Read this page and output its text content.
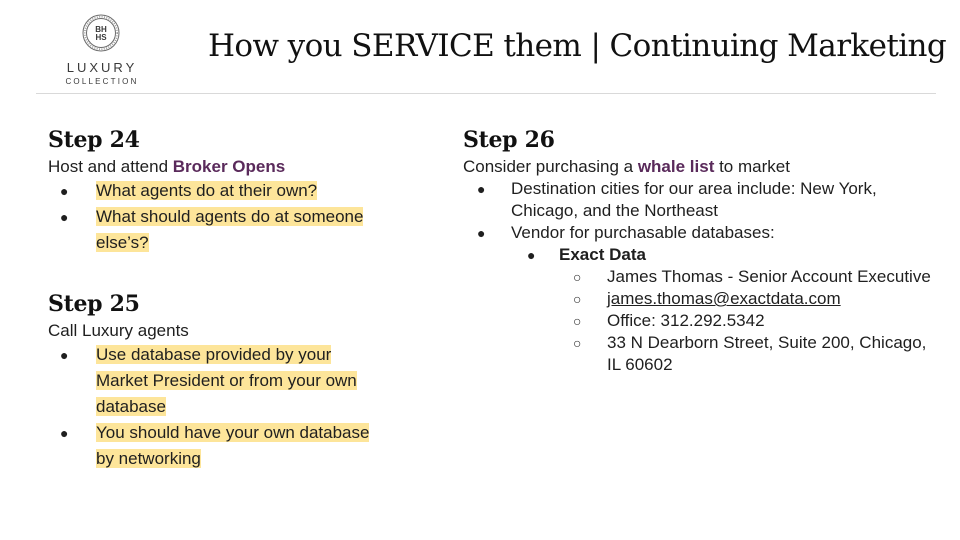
BH
HS
LUXURY
COLLECTION
How you SERVICE them | Continuing Marketing
Step 24

Host and attend Broker Opens

● What agents do at their own?
● What should agents do at someone
else’s?
Step 25

Call Luxury agents

● Use database provided by your
Market President or from your own
database
● You should have your own database
by networking
Step 26

Consider purchasing a whale list to market

● Destination cities for our area include: New York, Chicago, and the Northeast
● Vendor for purchasable databases:
● Exact Data
○ James Thomas - Senior Account Executive
○ james.thomas@exactdata.com
○ Office: 312.292.5342
○ 33 N Dearborn Street, Suite 200, Chicago, IL 60602
